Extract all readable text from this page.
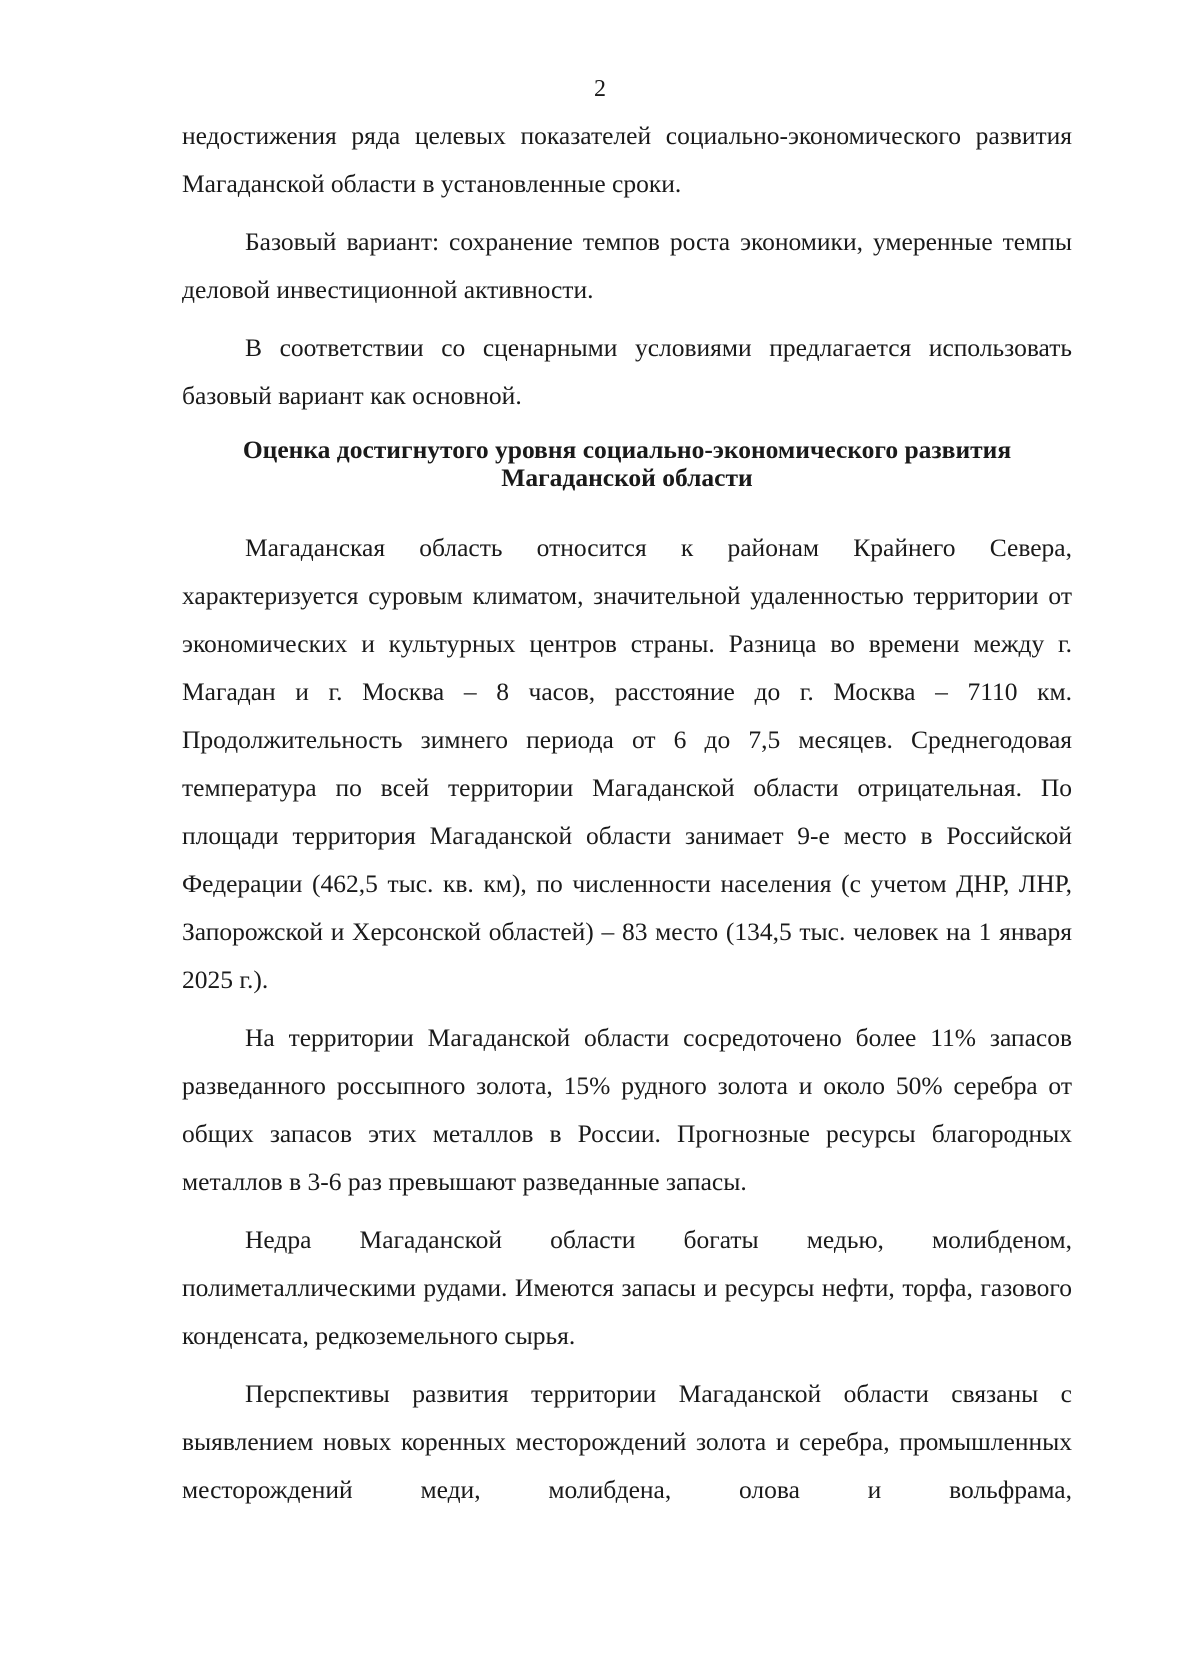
2

недостижения ряда целевых показателей социально-экономического развития Магаданской области в установленные сроки.

Базовый вариант: сохранение темпов роста экономики, умеренные темпы деловой инвестиционной активности.

В соответствии со сценарными условиями предлагается использовать базовый вариант как основной.

Оценка достигнутого уровня социально-экономического развития
Магаданской области

Магаданская область относится к районам Крайнего Севера, характеризуется суровым климатом, значительной удаленностью территории от экономических и культурных центров страны. Разница во времени между г. Магадан и г. Москва – 8 часов, расстояние до г. Москва – 7110 км. Продолжительность зимнего периода от 6 до 7,5 месяцев. Среднегодовая температура по всей территории Магаданской области отрицательная. По площади территория Магаданской области занимает 9-е место в Российской Федерации (462,5 тыс. кв. км), по численности населения (с учетом ДНР, ЛНР, Запорожской и Херсонской областей) – 83 место (134,5 тыс. человек на 1 января 2025 г.).

На территории Магаданской области сосредоточено более 11% запасов разведанного россыпного золота, 15% рудного золота и около 50% серебра от общих запасов этих металлов в России. Прогнозные ресурсы благородных металлов в 3-6 раз превышают разведанные запасы.

Недра Магаданской области богаты медью, молибденом, полиметаллическими рудами. Имеются запасы и ресурсы нефти, торфа, газового конденсата, редкоземельного сырья.

Перспективы развития территории Магаданской области связаны с выявлением новых коренных месторождений золота и серебра, промышленных месторождений меди, молибдена, олова и вольфрама,
